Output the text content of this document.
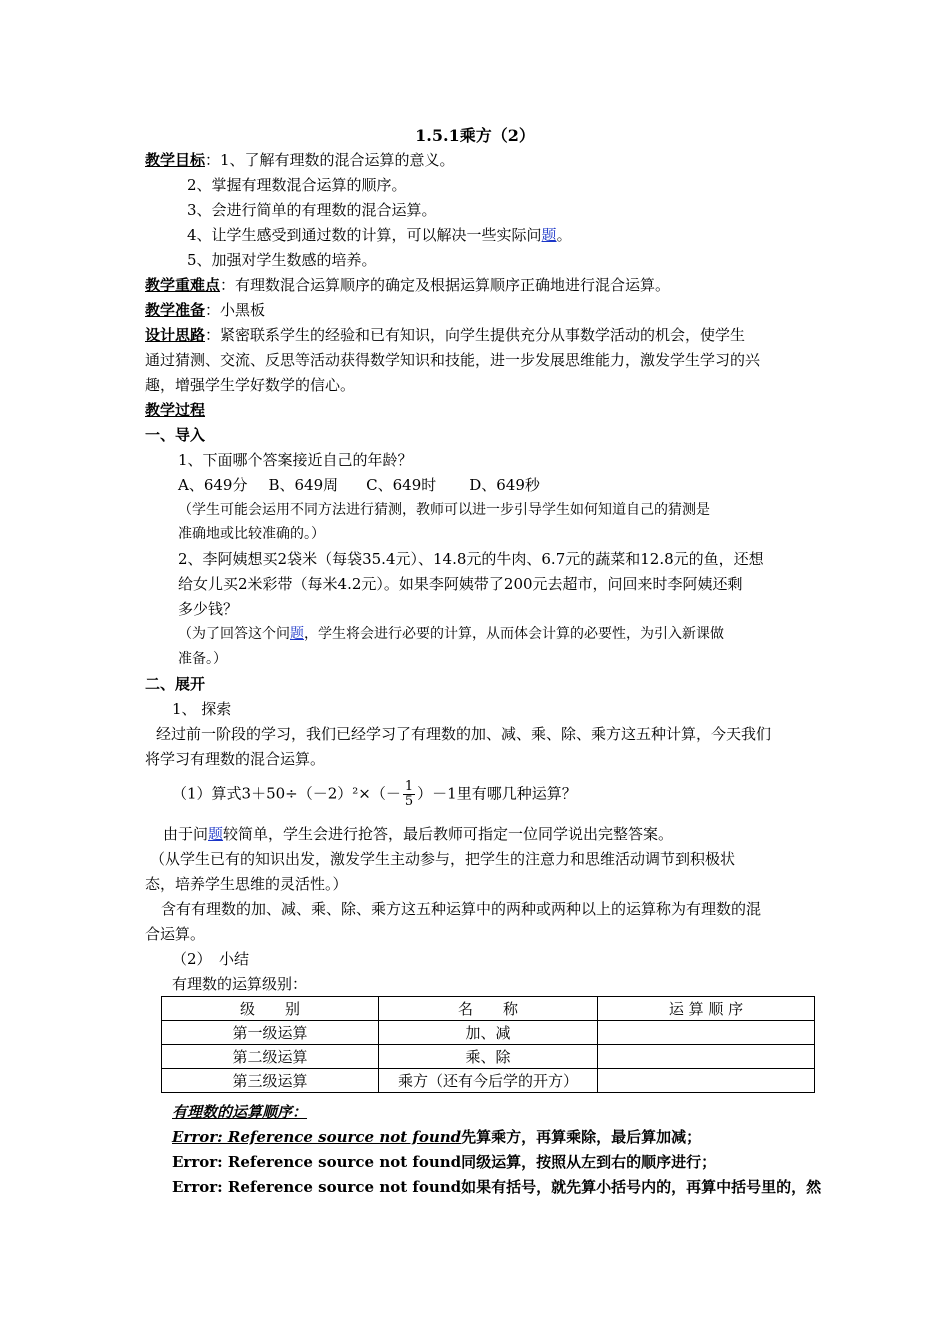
1.5.1乘方（2）
教学目标：1、了解有理数的混合运算的意义。
2、掌握有理数混合运算的顺序。
3、会进行简单的有理数的混合运算。
4、让学生感受到通过数的计算，可以解决一些实际问题。
5、加强对学生数感的培养。
教学重难点：有理数混合运算顺序的确定及根据运算顺序正确地进行混合运算。
教学准备：小黑板
设计思路：紧密联系学生的经验和已有知识，向学生提供充分从事数学活动的机会，使学生
通过猜测、交流、反思等活动获得数学知识和技能，进一步发展思维能力，激发学生学习的兴
趣，增强学生学好数学的信心。
教学过程
一、导入
1、下面哪个答案接近自己的年龄？
A、649分 B、649周 C、649时 D、649秒
（学生可能会运用不同方法进行猜测，教师可以进一步引导学生如何知道自己的猜测是
准确地或比较准确的。）
2、李阿姨想买2袋米（每袋35.4元）、14.8元的牛肉、6.7元的蔬菜和12.8元的鱼，还想
给女儿买2米彩带（每米4.2元）。如果李阿姨带了200元去超市，问回来时李阿姨还剩
多少钱？
（为了回答这个问题，学生将会进行必要的计算，从而体会计算的必要性，为引入新课做
准备。）
二、展开
1、 探索
经过前一阶段的学习，我们已经学习了有理数的加、减、乘、除、乘方这五种计算，今天我们
将学习有理数的混合运算。
（1）算式$3+50\div(-2)^2\times(- \frac{1}{5} )-1$里有哪几种运算？
由于问题较简单，学生会进行抢答，最后教师可指定一位同学说出完整答案。
（从学生已有的知识出发，激发学生主动参与，把学生的注意力和思维活动调节到积极状
态，培养学生思维的灵活性。）
含有有理数的加、减、乘、除、乘方这五种运算中的两种或两种以上的运算称为有理数的混
合运算。
（2）　小结
有理数的运算级别：
级　　别	名　　称	运 算 顺 序
第一级运算	加、减	
第二级运算	乘、除	
第三级运算	乘方（还有今后学的开方）	
有理数的运算顺序：
Error: Reference source not found先算乘方，再算乘除，最后算加减；
Error: Reference source not found同级运算，按照从左到右的顺序进行；
Error: Reference source not found如果有括号，就先算小括号内的，再算中括号里的，然
